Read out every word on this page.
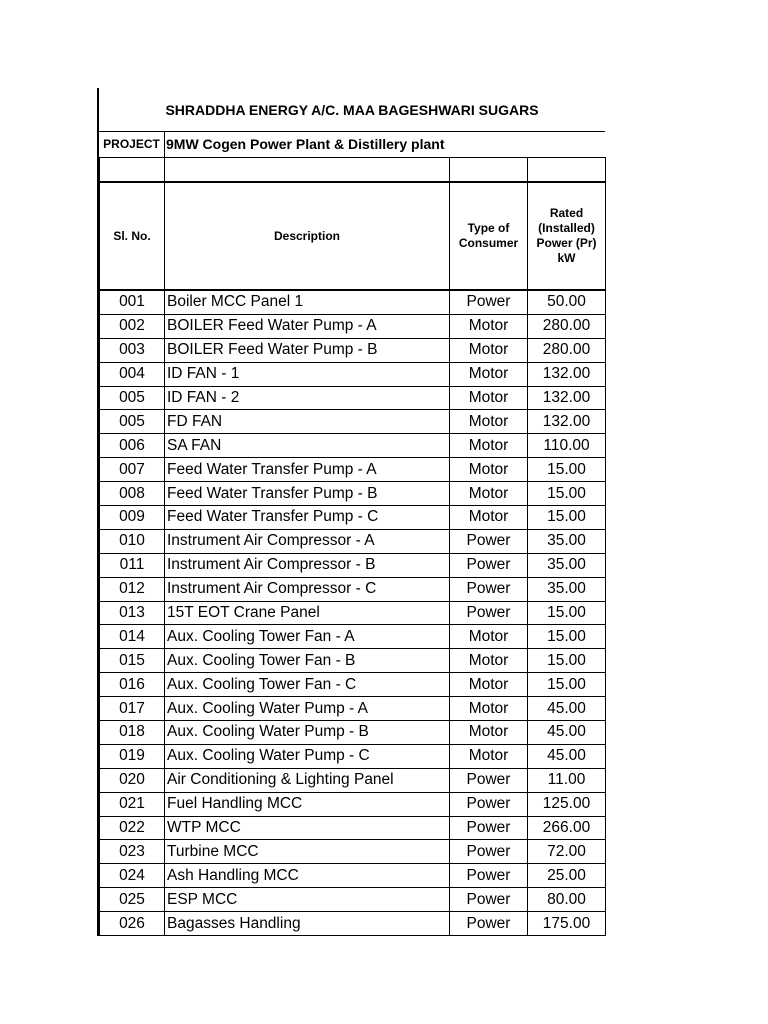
SHRADDHA ENERGY A/C. MAA BAGESHWARI SUGARS
PROJECT 9MW Cogen Power Plant & Distillery plant

Sl. No.	Description	Type of Consumer	Rated (Installed) Power (Pr) kW
001	Boiler MCC Panel 1	Power	50.00
002	BOILER Feed Water Pump - A	Motor	280.00
003	BOILER Feed Water Pump - B	Motor	280.00
004	ID FAN - 1	Motor	132.00
005	ID FAN - 2	Motor	132.00
005	FD FAN	Motor	132.00
006	SA FAN	Motor	110.00
007	Feed Water Transfer Pump - A	Motor	15.00
008	Feed Water Transfer Pump - B	Motor	15.00
009	Feed Water Transfer Pump - C	Motor	15.00
010	Instrument Air Compressor - A	Power	35.00
011	Instrument Air Compressor - B	Power	35.00
012	Instrument Air Compressor - C	Power	35.00
013	15T EOT Crane Panel	Power	15.00
014	Aux. Cooling Tower Fan - A	Motor	15.00
015	Aux. Cooling Tower Fan - B	Motor	15.00
016	Aux. Cooling Tower Fan - C	Motor	15.00
017	Aux. Cooling Water Pump - A	Motor	45.00
018	Aux. Cooling Water Pump - B	Motor	45.00
019	Aux. Cooling Water Pump - C	Motor	45.00
020	Air Conditioning & Lighting Panel	Power	11.00
021	Fuel Handling MCC	Power	125.00
022	WTP MCC	Power	266.00
023	Turbine MCC	Power	72.00
024	Ash Handling MCC	Power	25.00
025	ESP MCC	Power	80.00
026	Bagasses Handling	Power	175.00
